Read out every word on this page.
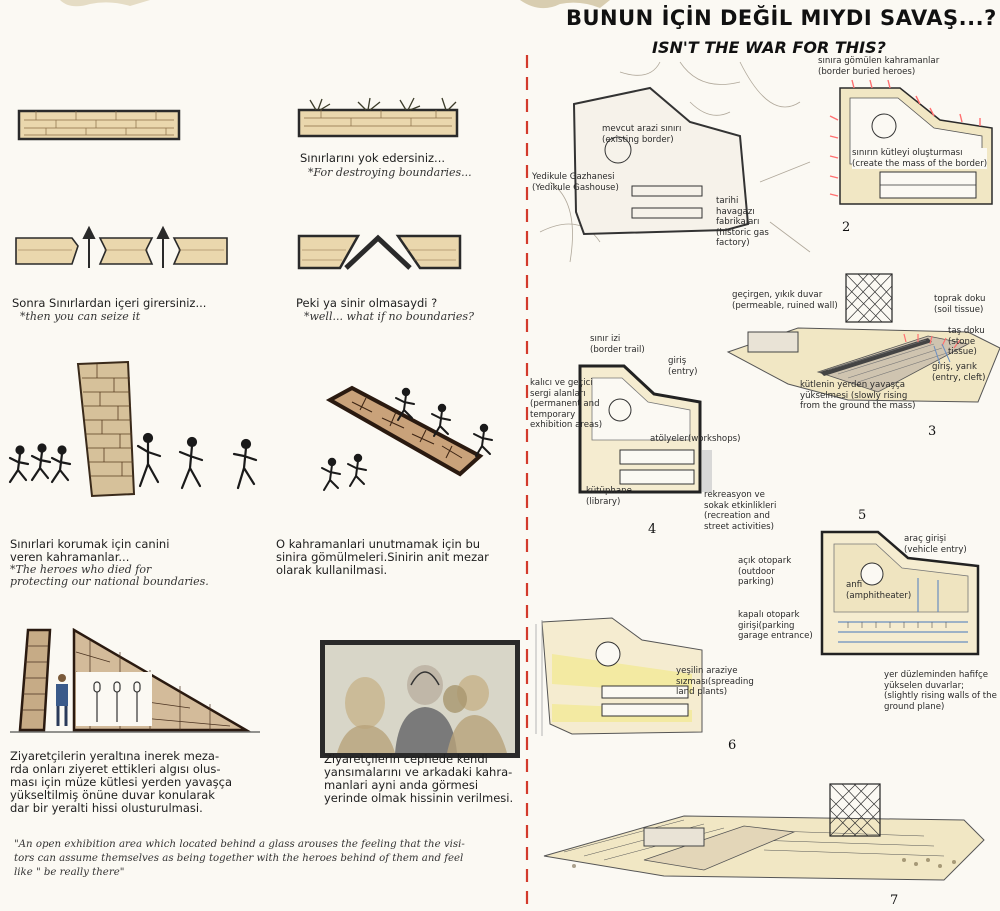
BUNUN İÇİN DEĞİL MIYDI SAVAŞ...?
ISN'T THE WAR FOR THIS?
Sınırlarını yok edersiniz...
*For destroying boundaries...
Sonra Sınırlardan içeri girersiniz...
*then you can seize it
Peki ya sinir olmasaydi ?
*well... what if no boundaries?
Sınırlari korumak için canini
veren kahramanlar...
*The heroes who died for
protecting our national boundaries.
O kahramanlari unutmamak için bu
sinira gömülmeleri.Sinirin anit mezar
olarak kullanilmasi.
Ziyaretçilerin yeraltına inerek meza-
rda onları ziyeret ettikleri algısı olus-
ması için müze kütlesi yerden yavaşça
yükseltilmiş önüne duvar konularak
dar bir yeralti hissi olusturulmasi.
Ziyaretçilerin cephede kendi
yansımalarını ve arkadaki kahra-
manlari ayni anda görmesi
yerinde olmak hissinin verilmesi.
"An open exhibition area which located behind a glass arouses the feeling that the visi-
tors can assume themselves as being together with the heroes behind of them and feel
like " be really there"
mevcut arazi sınırı
(existing border)
Yedikule Gazhanesi
(Yedikule Gashouse)
tarihi
havagazı
fabrikaları
(historic gas
factory)
sınıra gömülen kahramanlar
(border buried heroes)
sınırın kütleyi oluşturması
(create the mass of the border)
2
geçirgen, yıkık duvar
(permeable, ruined wall)
toprak doku
(soil tissue)
taş doku
(stone tissue)
giriş, yarık
(entry, cleft)
kütlenin yerden yavaşça
yükselmesi (slowly rising
from the ground the mass)
3
sınır izi
(border trail)
giriş
(entry)
kalıcı ve geçici
sergi alanları
(permanent and
temporary
exhibition areas)
atölyeler(workshops)
kütüphane
(library)
rekreasyon ve
sokak etkinlikleri
(recreation and
street activities)
4
5
araç girişi
(vehicle entry)
açık otopark
(outdoor
parking)	anfi
(amphitheater)
kapalı otopark
girişi(parking
garage entrance)
yer düzleminden hafifçe
yükselen duvarlar;
(slightly rising walls of the
ground plane)
yeşilin araziye
sızması(spreading
land plants)
6
7
